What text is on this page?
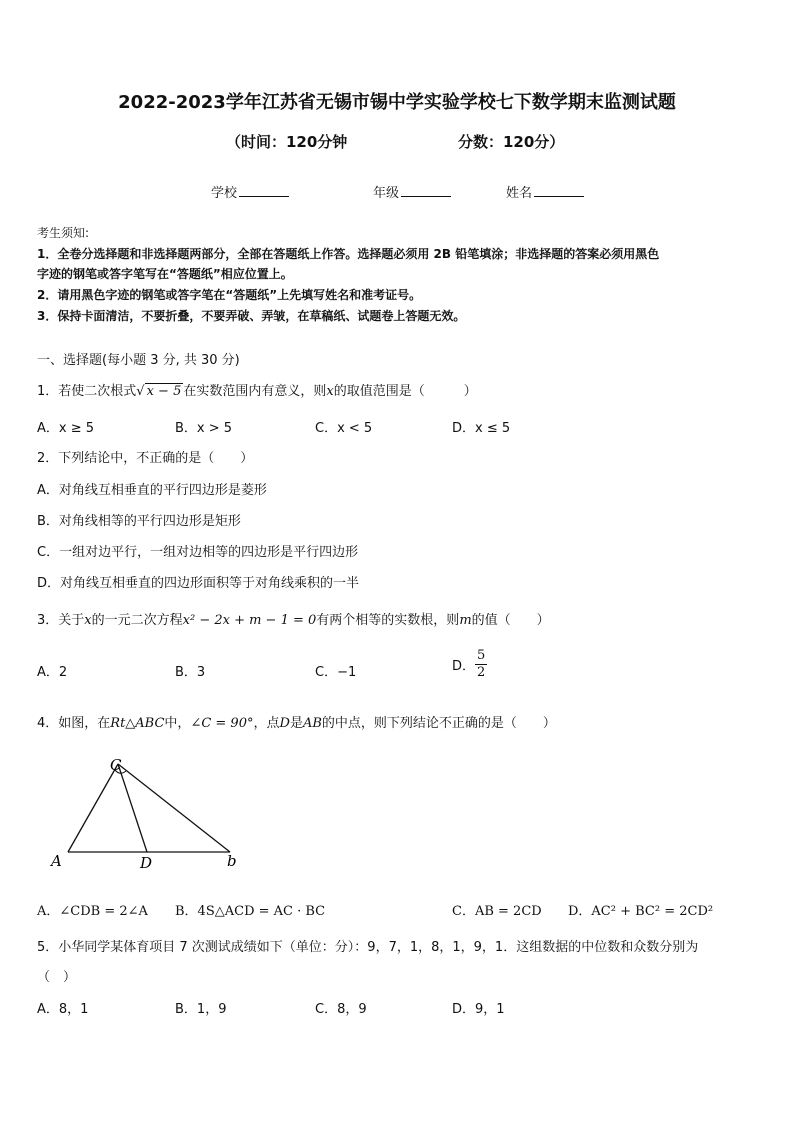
2022-2023学年江苏省无锡市锡中学实验学校七下数学期末监测试题
（时间：120分钟	分数：120分）
学校	年级	姓名
考生须知:
1．全卷分选择题和非选择题两部分，全部在答题纸上作答。选择题必须用 2B 铅笔填涂；非选择题的答案必须用黑色
字迹的钢笔或答字笔写在“答题纸”相应位置上。
2．请用黑色字迹的钢笔或答字笔在“答题纸”上先填写姓名和准考证号。
3．保持卡面清洁，不要折叠，不要弄破、弄皱，在草稿纸、试题卷上答题无效。
一、选择题(每小题 3 分, 共 30 分)
1．若使二次根式√ x − 5 在实数范围内有意义，则x的取值范围是（　　　）
A．x ≥ 5	B．x > 5	C．x < 5	D．x ≤ 5
2．下列结论中，不正确的是（　　）
A．对角线互相垂直的平行四边形是菱形
B．对角线相等的平行四边形是矩形
C．一组对边平行，一组对边相等的四边形是平行四边形
D．对角线互相垂直的四边形面积等于对角线乘积的一半
3．关于x的一元二次方程x² − 2x + m − 1 = 0有两个相等的实数根，则m的值（　　）
A．2	B．3	C．−1	D． $\frac{5}{2}$
4．如图，在Rt△ABC中，∠C = 90°，点D是AB的中点，则下列结论不正确的是（　　）
C
A	D	b
A．∠CDB = 2∠A B．4S△ACD = AC · BC	C．AB = 2CD D．AC² + BC² = 2CD²
5．小华同学某体育项目 7 次测试成绩如下（单位：分）：9，7，1，8，1，9，1．这组数据的中位数和众数分别为
（　）
A．8，1	B．1，9	C．8，9	D．9，1
